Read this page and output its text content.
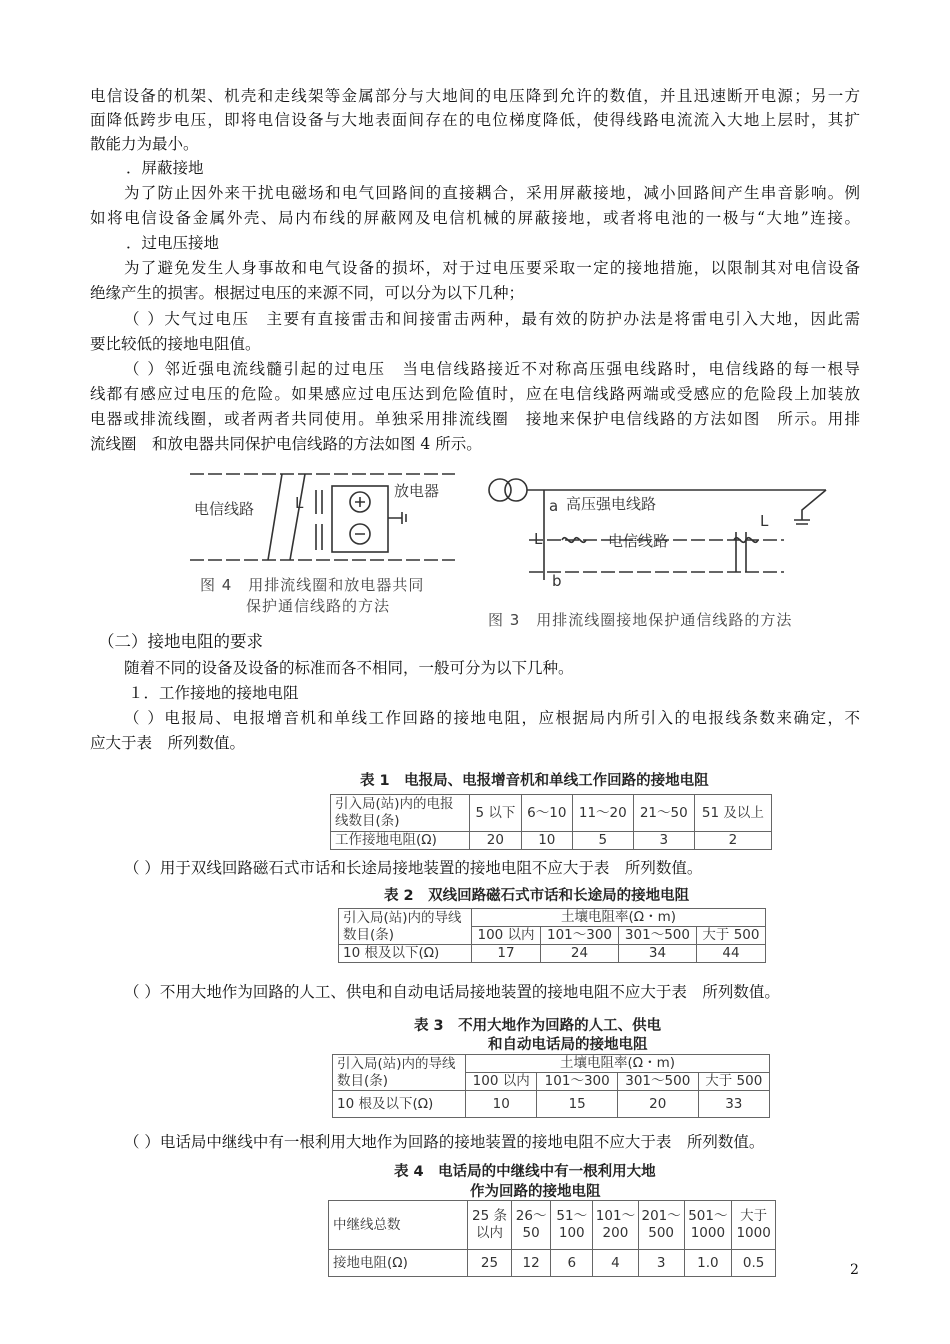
电信设备的机架、机壳和走线架等金属部分与大地间的电压降到允许的数值，并且迅速断开电源；另一方
面降低跨步电压，即将电信设备与大地表面间存在的电位梯度降低，使得线路电流流入大地上层时，其扩
散能力为最小。
．屏蔽接地
为了防止因外来干扰电磁场和电气回路间的直接耦合，采用屏蔽接地，减小回路间产生串音影响。例
如将电信设备金属外壳、局内布线的屏蔽网及电信机械的屏蔽接地，或者将电池的一极与“大地”连接。
．过电压接地
为了避免发生人身事故和电气设备的损坏，对于过电压要采取一定的接地措施，以限制其对电信设备
绝缘产生的损害。根据过电压的来源不同，可以分为以下几种；
（ ）大气过电压　主要有直接雷击和间接雷击两种，最有效的防护办法是将雷电引入大地，因此需
要比较低的接地电阻值。
（ ）邻近强电流线髓引起的过电压　当电信线路接近不对称高压强电线路时，电信线路的每一根导
线都有感应过电压的危险。如果感应过电压达到危险值时，应在电信线路两端或受感应的危险段上加装放
电器或排流线圈，或者两者共同使用。单独采用排流线圈　接地来保护电信线路的方法如图　所示。用排
流线圈　和放电器共同保护电信线路的方法如图 4 所示。
电信线路	L
放电器
图 4　用排流线圈和放电器共同
保护通信线路的方法
a 高压强电线路
L	电信线路
L
b
图 3　用排流线圈接地保护通信线路的方法
（二）接地电阻的要求
随着不同的设备及设备的标准而各不相同，一般可分为以下几种。
１．工作接地的接地电阻
（ ）电报局、电报增音机和单线工作回路的接地电阻，应根据局内所引入的电报线条数来确定，不
应大于表　所列数值。
表 1　电报局、电报增音机和单线工作回路的接地电阻
引入局(站)内的电报线数目(条)	5 以下	6～10	11～20	21～50	51 及以上
工作接地电阻(Ω)	20	10	5	3	2
（ ）用于双线回路磁石式市话和长途局接地装置的接地电阻不应大于表　所列数值。
表 2　双线回路磁石式市话和长途局的接地电阻
引入局(站)内的导线数目(条)	土壤电阻率(Ω・m)			
	100 以内	101～300	301～500	大于 500
10 根及以下(Ω)	17	24	34	44
（ ）不用大地作为回路的人工、供电和自动电话局接地装置的接地电阻不应大于表　所列数值。
表 3　不用大地作为回路的人工、供电
和自动电话局的接地电阻
引入局(站)内的导线数目(条)	土壤电阻率(Ω・m)			
	100 以内	101～300	301～500	大于 500
10 根及以下(Ω)	10	15	20	33
（ ）电话局中继线中有一根利用大地作为回路的接地装置的接地电阻不应大于表　所列数值。
表 4　电话局的中继线中有一根利用大地
作为回路的接地电阻
中继线总数	25 条以内	26～50	51～100	101～200	201～500	501～1000	大于 1000
接地电阻(Ω)	25	12	6	4	3	1.0	0.5	2
